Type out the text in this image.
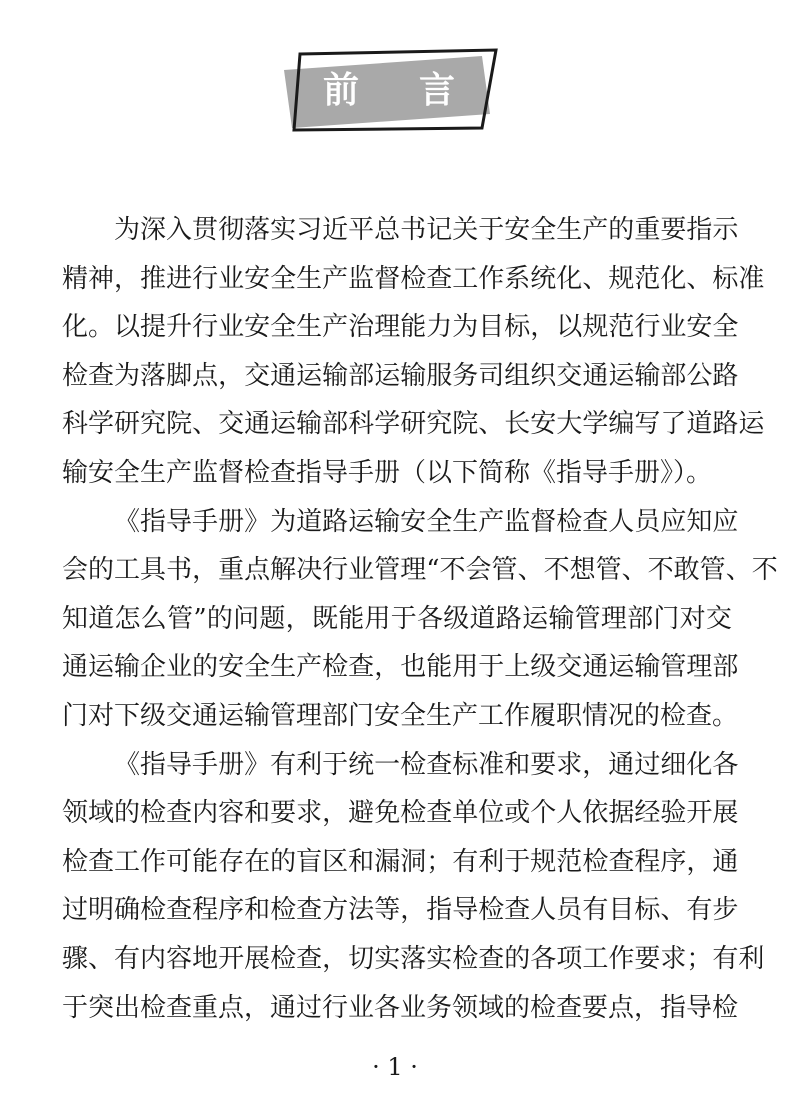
前 言
为 深 入 贯 彻 落 实 习 近 平 总 书 记 关 于 安 全 生 产 的 重 要 指 示
精 神 ， 推 进 行 业 安 全 生 产 监 督 检 查 工 作 系 统 化 、 规 范 化 、 标 准
化 。 以 提 升 行 业 安 全 生 产 治 理 能 力 为 目 标 ， 以 规 范 行 业 安 全
检 查 为 落 脚 点 ， 交 通 运 输 部 运 输 服 务 司 组 织 交 通 运 输 部 公 路
科 学 研 究 院 、 交 通 运 输 部 科 学 研 究 院 、 长 安 大 学 编 写 了 道 路 运
输安全生产监督检查指导手册（以下简称《指导手册》）。
《 指 导 手 册 》 为 道 路 运 输 安 全 生 产 监 督 检 查 人 员 应 知 应
会 的 工 具 书 ， 重 点 解 决 行 业 管 理 “ 不 会 管 、 不 想 管 、 不 敢 管 、 不
知 道 怎 么 管 ” 的 问 题 ， 既 能 用 于 各 级 道 路 运 输 管 理 部 门 对 交
通 运 输 企 业 的 安 全 生 产 检 查 ， 也 能 用 于 上 级 交 通 运 输 管 理 部
门对下级交通运输管理部门安全生产工作履职情况的检查。
《 指 导 手 册 》 有 利 于 统 一 检 查 标 准 和 要 求 ， 通 过 细 化 各
领 域 的 检 查 内 容 和 要 求 ， 避 免 检 查 单 位 或 个 人 依 据 经 验 开 展
检 查 工 作 可 能 存 在 的 盲 区 和 漏 洞 ； 有 利 于 规 范 检 查 程 序 ， 通
过 明 确 检 查 程 序 和 检 查 方 法 等 ， 指 导 检 查 人 员 有 目 标 、 有 步
骤 、 有 内 容 地 开 展 检 查 ， 切 实 落 实 检 查 的 各 项 工 作 要 求 ； 有 利
于突出检查重点，通过行业各业务领域的检查要点，指导检
· 1 ·
